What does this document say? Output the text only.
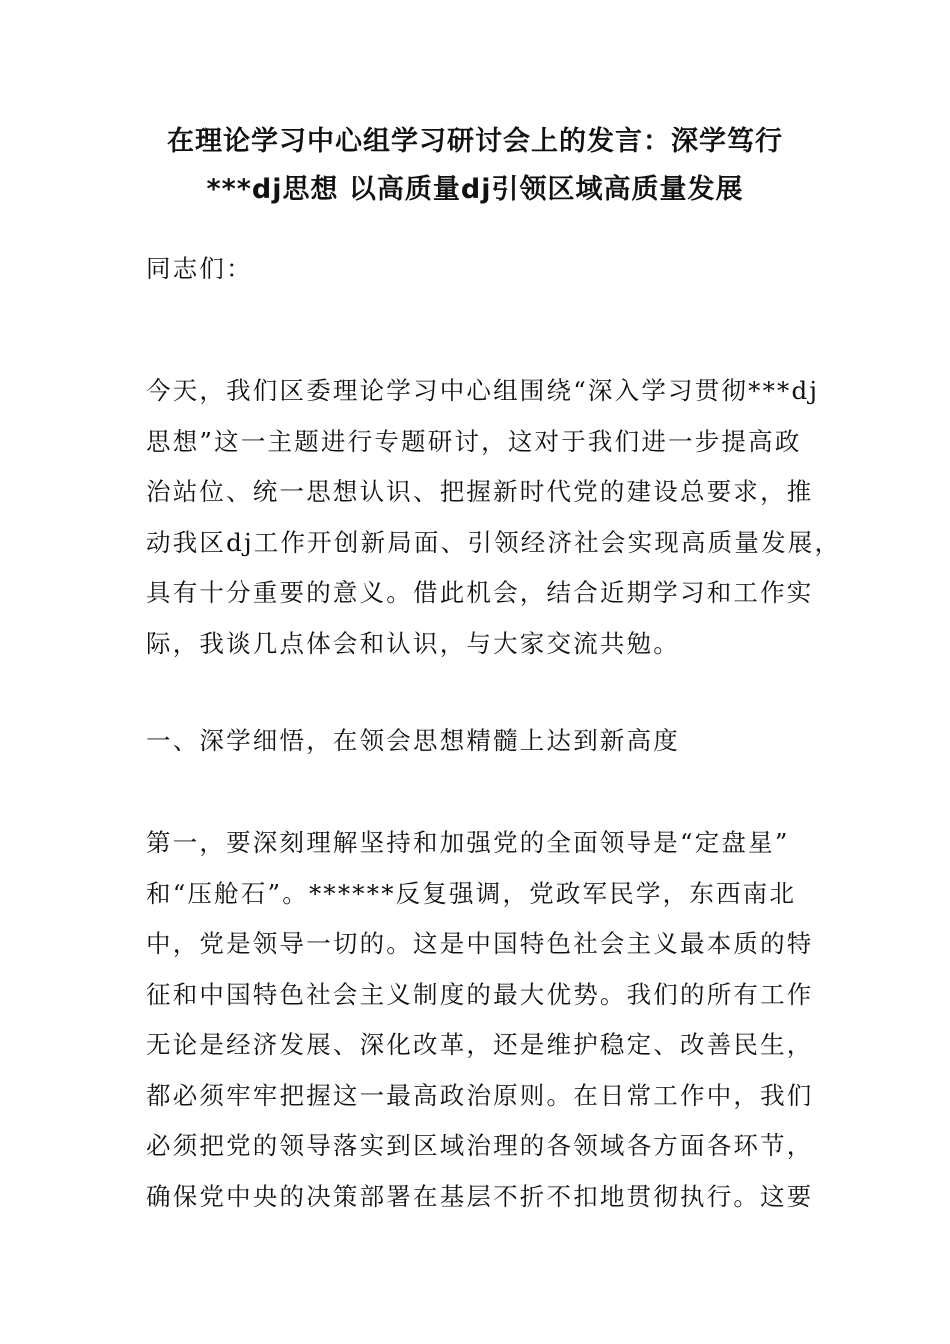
在理论学习中心组学习研讨会上的发言：深学笃行
***dj思想 以高质量dj引领区域高质量发展
同志们：
今天，我们区委理论学习中心组围绕“深入学习贯彻***dj
思想”这一主题进行专题研讨，这对于我们进一步提高政
治站位、统一思想认识、把握新时代党的建设总要求，推
动我区dj工作开创新局面、引领经济社会实现高质量发展，
具有十分重要的意义。借此机会，结合近期学习和工作实
际，我谈几点体会和认识，与大家交流共勉。
一、深学细悟，在领会思想精髓上达到新高度
第一，要深刻理解坚持和加强党的全面领导是“定盘星”
和“压舱石”。******反复强调，党政军民学，东西南北
中，党是领导一切的。这是中国特色社会主义最本质的特
征和中国特色社会主义制度的最大优势。我们的所有工作
无论是经济发展、深化改革，还是维护稳定、改善民生，
都必须牢牢把握这一最高政治原则。在日常工作中，我们
必须把党的领导落实到区域治理的各领域各方面各环节，
确保党中央的决策部署在基层不折不扣地贯彻执行。这要
